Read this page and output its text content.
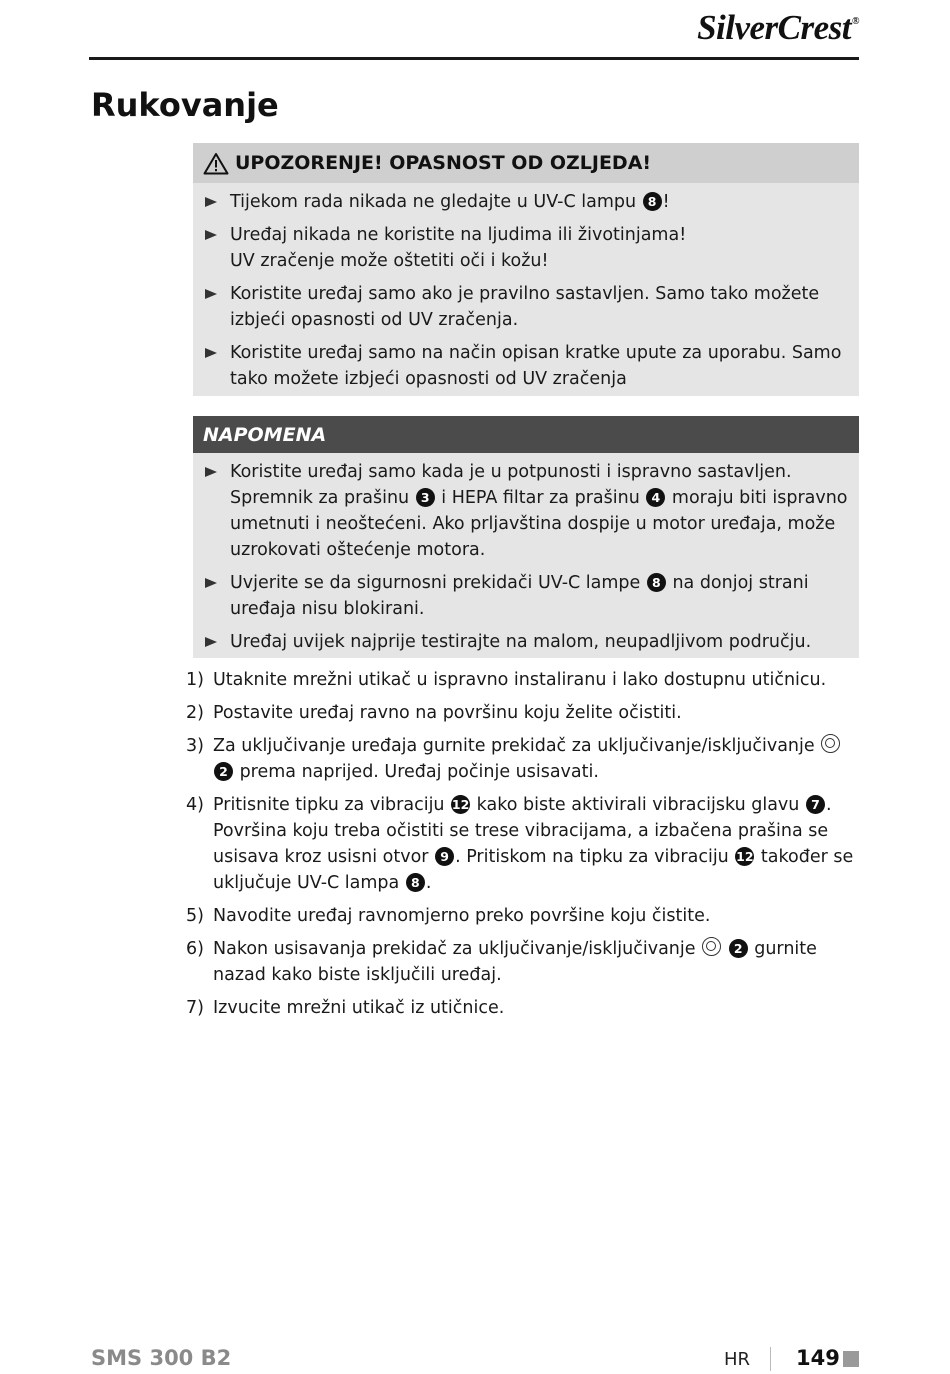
SilverCrest®
Rukovanje
UPOZORENJE! OPASNOST OD OZLJEDA!
Tijekom rada nikada ne gledajte u UV-C lampu 8 !
Uređaj nikada ne koristite na ljudima ili životinjama!
UV zračenje može oštetiti oči i kožu!
Koristite uređaj samo ako je pravilno sastavljen. Samo tako možete izbjeći opasnosti od UV zračenja.
Koristite uređaj samo na način opisan kratke upute za uporabu. Samo tako možete izbjeći opasnosti od UV zračenja
NAPOMENA
Koristite uređaj samo kada je u potpunosti i ispravno sastavljen. Spremnik za prašinu 3 i HEPA filtar za prašinu 4 moraju biti ispravno umetnuti i neoštećeni. Ako prljavština dospije u motor uređaja, može uzrokovati oštećenje motora.
Uvjerite se da sigurnosni prekidači UV-C lampe 8 na donjoj strani uređaja nisu blokirani.
Uređaj uvijek najprije testirajte na malom, neupadljivom području.
1) Utaknite mrežni utikač u ispravno instaliranu i lako dostupnu utičnicu.
2) Postavite uređaj ravno na površinu koju želite očistiti.
3) Za uključivanje uređaja gurnite prekidač za uključivanje/isključivanje  2 prema naprijed. Uređaj počinje usisavati.
4) Pritisnite tipku za vibraciju 12 kako biste aktivirali vibracijsku glavu 7 . Površina koju treba očistiti se trese vibracijama, a izbačena prašina se usisava kroz usisni otvor 9 . Pritiskom na tipku za vibraciju 12 također se uključuje UV-C lampa 8 .
5) Navodite uređaj ravnomjerno preko površine koju čistite.
6) Nakon usisavanja prekidač za uključivanje/isključivanje	2 gurnite nazad kako biste isključili uređaj.
7) Izvucite mrežni utikač iz utičnice.
SMS 300 B2	HR 149
